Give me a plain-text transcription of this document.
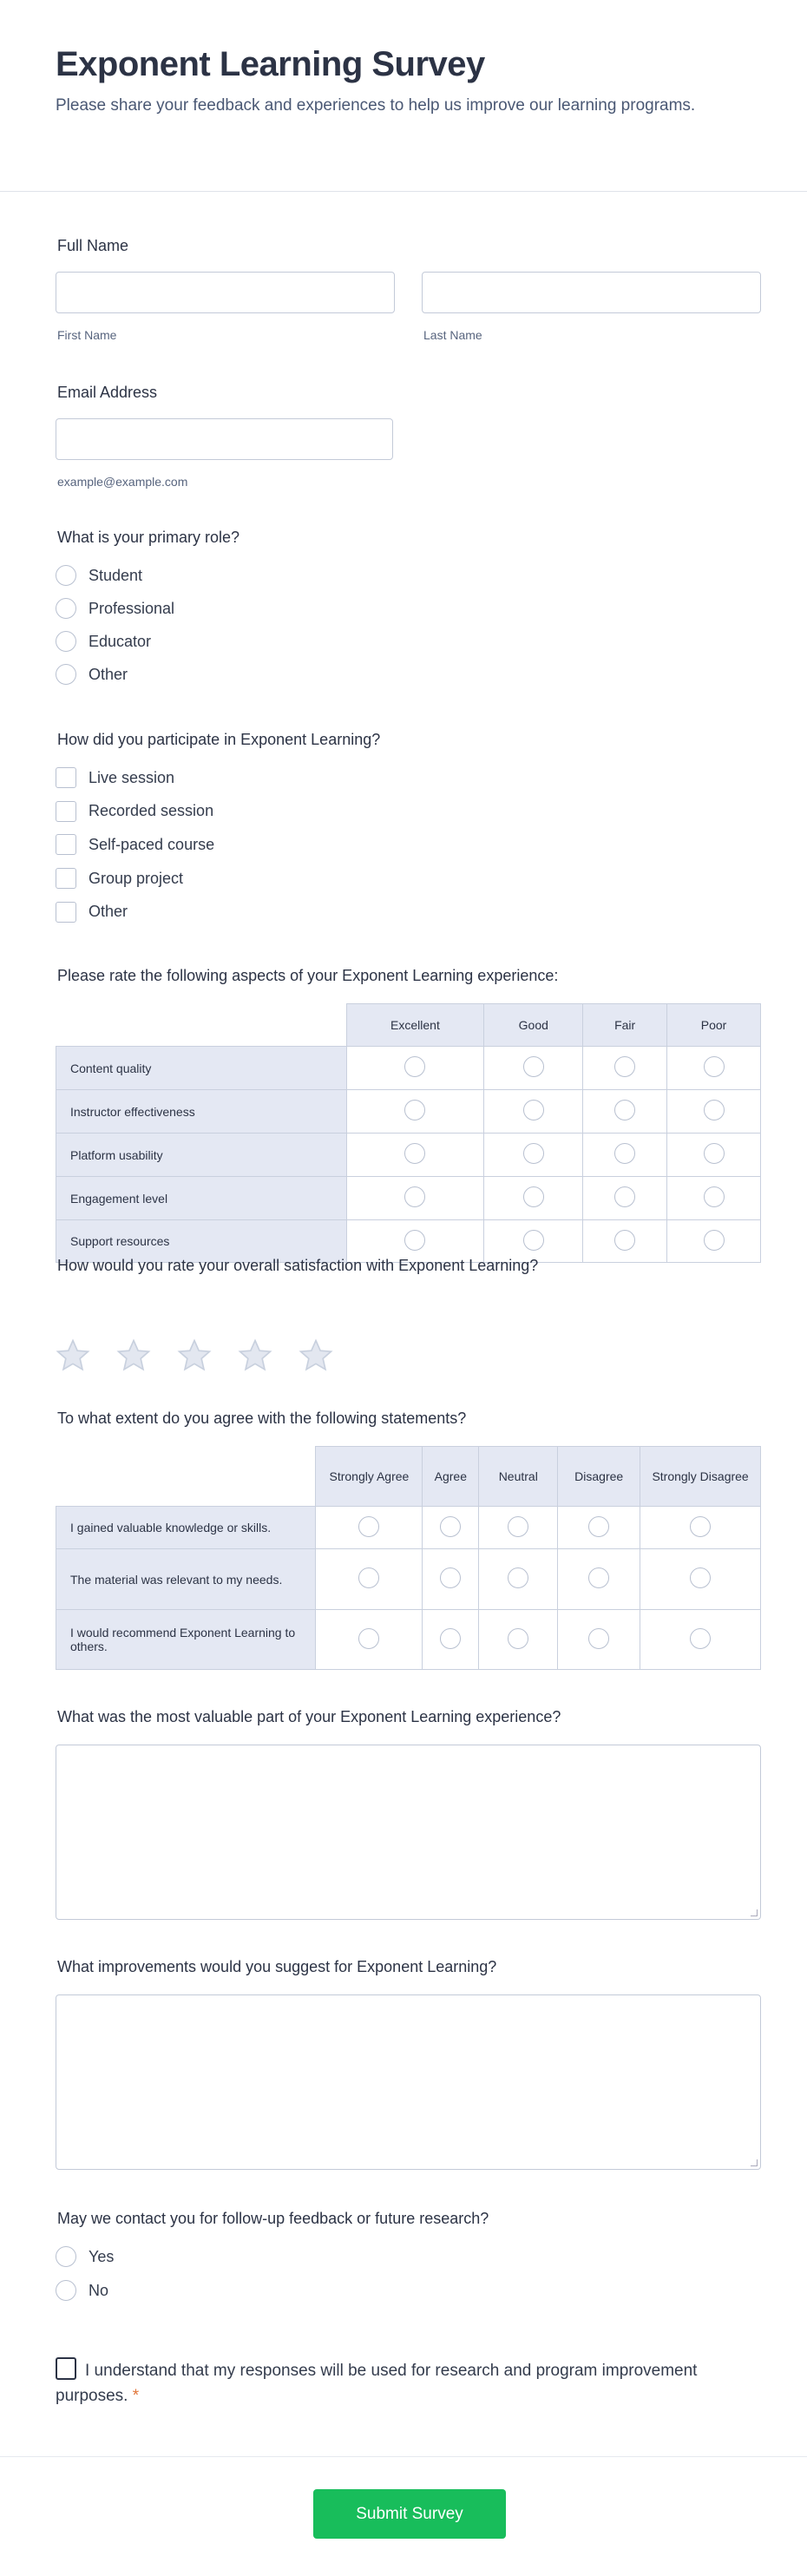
Exponent Learning Survey

Please share your feedback and experiences to help us improve our learning programs.

Full Name
First Name	Last Name
Email Address
example@example.com
What is your primary role?
Student
Professional
Educator
Other
How did you participate in Exponent Learning?
Live session
Recorded session
Self-paced course
Group project
Other
Please rate the following aspects of your Exponent Learning experience:
	Excellent	Good	Fair	Poor
Content quality				
Instructor effectiveness				
Platform usability				
Engagement level				
Support resources				
How would you rate your overall satisfaction with Exponent Learning?
To what extent do you agree with the following statements?
	Strongly Agree	Agree	Neutral	Disagree	Strongly Disagree
I gained valuable knowledge or skills.					
The material was relevant to my needs.					
I would recommend Exponent Learning to others.					
What was the most valuable part of your Exponent Learning experience?
What improvements would you suggest for Exponent Learning?
May we contact you for follow-up feedback or future research?
Yes
No
I understand that my responses will be used for research and program improvement purposes. *
Submit Survey
